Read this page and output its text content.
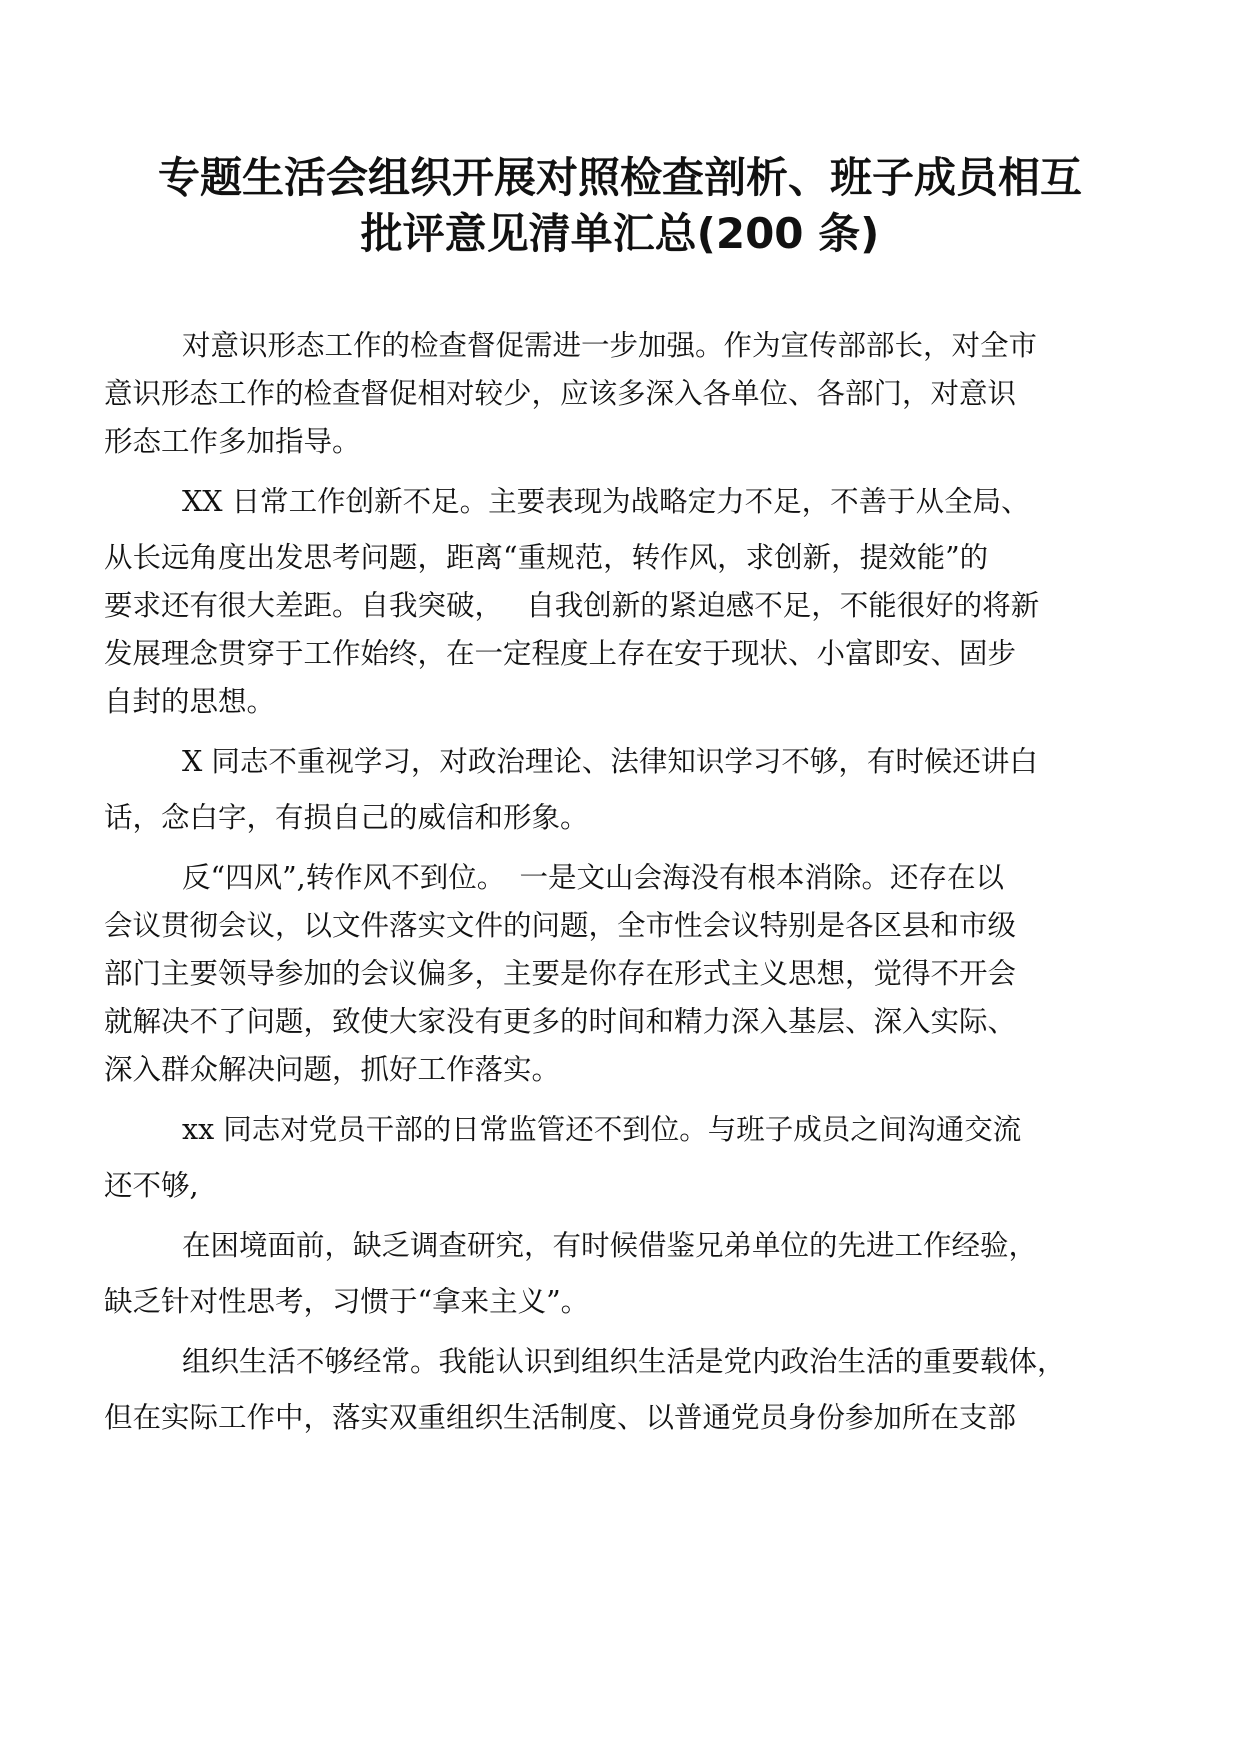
专题生活会组织开展对照检查剖析、班子成员相互
批评意见清单汇总(200 条)
对意识形态工作的检查督促需进一步加强。作为宣传部部长，对全市
意识形态工作的检查督促相对较少，应该多深入各单位、各部门，对意识
形态工作多加指导。
XX 日常工作创新不足。主要表现为战略定力不足，不善于从全局、
从长远角度出发思考问题，距离“重规范，转作风，求创新，提效能”的
要求还有很大差距。自我突破，　 自我创新的紧迫感不足，不能很好的将新
发展理念贯穿于工作始终，在一定程度上存在安于现状、小富即安、固步
自封的思想。
X 同志不重视学习，对政治理论、法律知识学习不够，有时候还讲白
话，念白字，有损自己的威信和形象。
反“四风”,转作风不到位。　一是文山会海没有根本消除。还存在以
会议贯彻会议，以文件落实文件的问题，全市性会议特别是各区县和市级
部门主要领导参加的会议偏多，主要是你存在形式主义思想，觉得不开会
就解决不了问题，致使大家没有更多的时间和精力深入基层、深入实际、
深入群众解决问题，抓好工作落实。
xx 同志对党员干部的日常监管还不到位。与班子成员之间沟通交流
还不够,
在困境面前，缺乏调查研究，有时候借鉴兄弟单位的先进工作经验，
缺乏针对性思考，习惯于“拿来主义”。
组织生活不够经常。我能认识到组织生活是党内政治生活的重要载体，
但在实际工作中，落实双重组织生活制度、以普通党员身份参加所在支部
